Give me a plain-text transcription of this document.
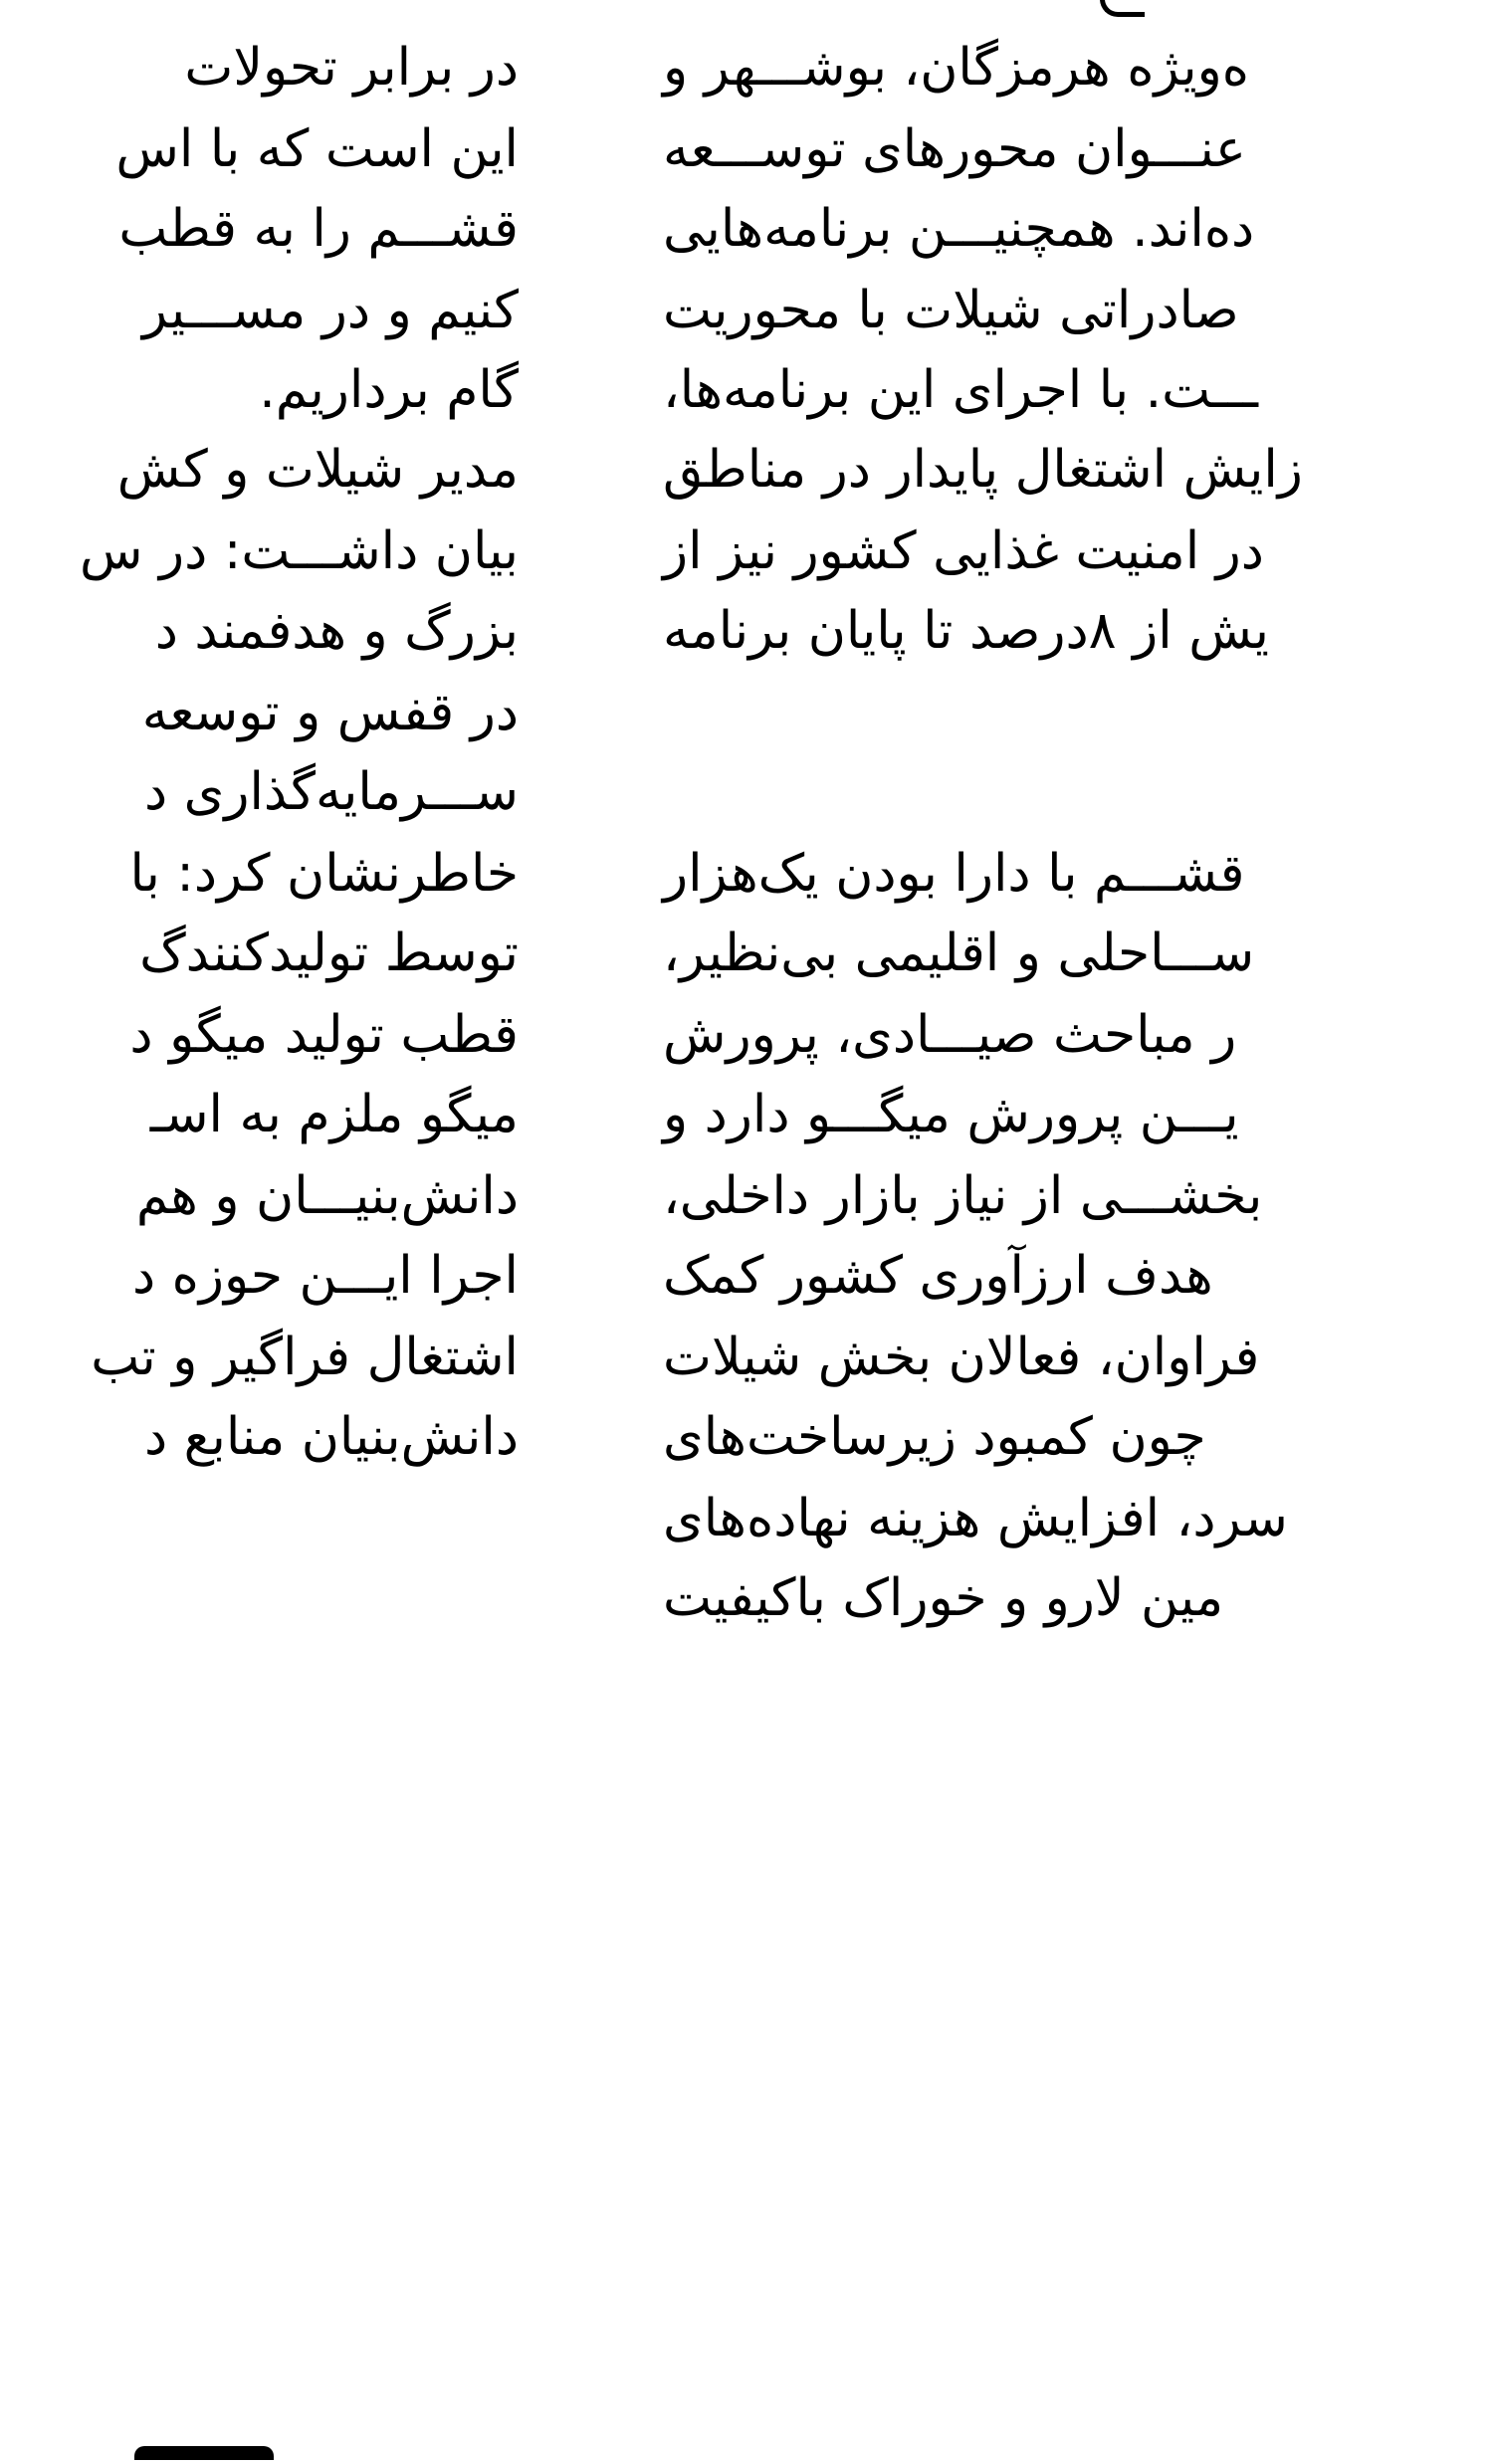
در برابر تحولات
این است که با اس
قشـــم را به قطب
کنیم و در مســـیر
گام برداریم.
مدیر شیلات و کش
بیان داشـــت: در س
بزرگ و هدفمند د
در قفس و توسعه
ســـرمایه‌گذاری د
خاطرنشان کرد: با
توسط تولیدکنندگ
قطب تولید میگو د
میگو ملزم به اسـ
دانش‌بنیـــان و هم
اجرا ایـــن حوزه د
اشتغال فراگیر و تب
دانش‌بنیان منابع د
‌ه‌ویژه هرمزگان، بوشـــهر و
عنـــوان محورهای توســـعه
ده‌اند. همچنیـــن برنامه‌هایی
صادراتی شیلات با محوریت
ـــت. با اجرای این برنامه‌ها،
زایش اشتغال پایدار در مناطق
در امنیت غذایی کشور نیز از
یش از ۸درصد تا پایان برنامه
قشـــم با دارا بودن یک‌هزار
ســـاحلی و اقلیمی بی‌نظیر،
ر مباحث صیـــادی، پرورش
یـــن پرورش میگـــو دارد و
بخشـــی از نیاز بازار داخلی،
هدف ارزآوری کشور کمک
فراوان، فعالان بخش شیلات
چون کمبود زیرساخت‌های
سرد، افزایش هزینه نهاده‌های
مین لارو و خوراک باکیفیت
